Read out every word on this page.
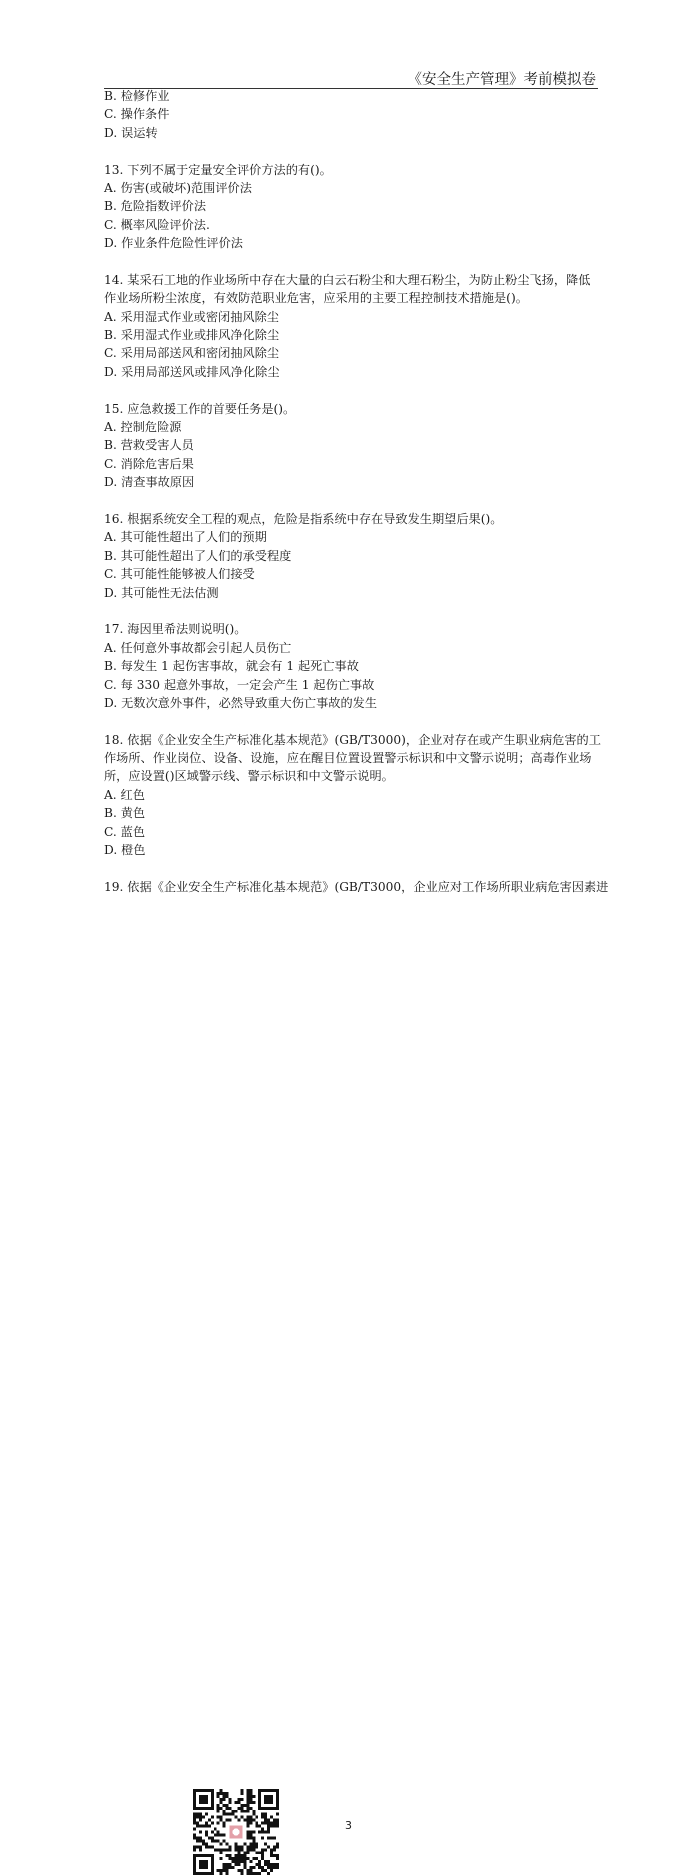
《安全生产管理》考前模拟卷
B. 检修作业
C. 操作条件
D. 误运转
13. 下列不属于定量安全评价方法的有()。
A. 伤害(或破坏)范围评价法
B. 危险指数评价法
C. 概率风险评价法.
D. 作业条件危险性评价法
14. 某采石工地的作业场所中存在大量的白云石粉尘和大理石粉尘，为防止粉尘飞扬，降低
作业场所粉尘浓度，有效防范职业危害，应采用的主要工程控制技术措施是()。
A. 采用湿式作业或密闭抽风除尘
B. 采用湿式作业或排风净化除尘
C. 采用局部送风和密闭抽风除尘
D. 采用局部送风或排风净化除尘
15. 应急救援工作的首要任务是()。
A. 控制危险源
B. 营救受害人员
C. 消除危害后果
D. 清查事故原因
16. 根据系统安全工程的观点，危险是指系统中存在导致发生期望后果()。
A. 其可能性超出了人们的预期
B. 其可能性超出了人们的承受程度
C. 其可能性能够被人们接受
D. 其可能性无法估测
17. 海因里希法则说明()。
A. 任何意外事故都会引起人员伤亡
B. 每发生 1 起伤害事故，就会有 1 起死亡事故
C. 每 330 起意外事故，一定会产生 1 起伤亡事故
D. 无数次意外事件，必然导致重大伤亡事故的发生
18. 依据《企业安全生产标准化基本规范》(GB/T3000)，企业对存在或产生职业病危害的工
作场所、作业岗位、设备、设施，应在醒目位置设置警示标识和中文警示说明；高毒作业场
所，应设置()区域警示线、警示标识和中文警示说明。
A. 红色
B. 黄色
C. 蓝色
D. 橙色
19. 依据《企业安全生产标准化基本规范》(GB/T3000，企业应对工作场所职业病危害因素进
3
